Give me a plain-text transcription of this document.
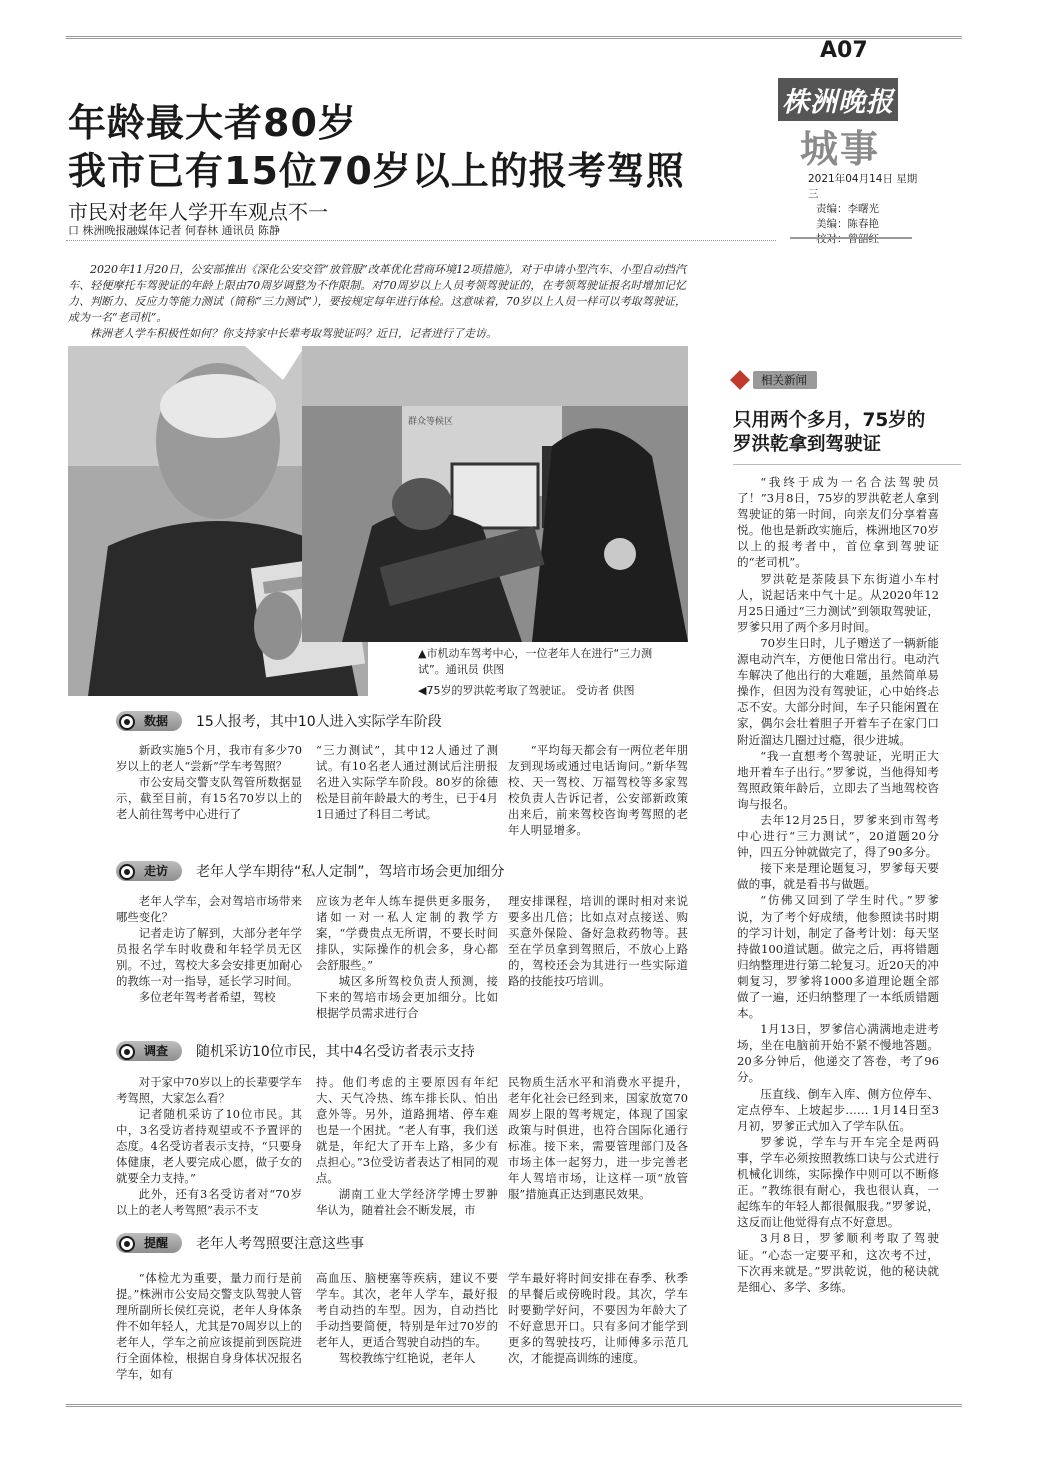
A07
株洲晚报
城事
2021年04月14日 星期三
责编：李曙光
美编：陈春艳
校对：曾韶红
年龄最大者80岁
我市已有15位70岁以上的报考驾照
市民对老年人学开车观点不一
口 株洲晚报融媒体记者 何春林 通讯员 陈静

2020年11月20日，公安部推出《深化公安交管“放管服”改革优化营商环境12项措施》，对于申请小型汽车、小型自动挡汽车、轻便摩托车驾驶证的年龄上限由70周岁调整为不作限制。对70周岁以上人员考领驾驶证的，在考领驾驶证报名时增加记忆力、判断力、反应力等能力测试（简称“三力测试”），要按规定每年进行体检。这意味着，70岁以上人员一样可以考取驾驶证，成为一名“老司机”。

株洲老人学车积极性如何？你支持家中长辈考取驾驶证吗？近日，记者进行了走访。

群众等候区
▲市机动车驾考中心，一位老年人在进行“三力测试”。通讯员 供图
◀75岁的罗洪乾考取了驾驶证。 受访者 供图
数据	15人报考，其中10人进入实际学车阶段

新政实施5个月，我市有多少70岁以上的老人“尝新”学车考驾照？

市公安局交警支队驾管所数据显示，截至目前，有15名70岁以上的老人前往驾考中心进行了

“三力测试”，其中12人通过了测试。有10名老人通过测试后注册报名进入实际学车阶段。80岁的徐德松是目前年龄最大的考生，已于4月1日通过了科目二考试。

“平均每天都会有一两位老年朋友到现场或通过电话询问。”新华驾校、天一驾校、万福驾校等多家驾校负责人告诉记者，公安部新政策出来后，前来驾校咨询考驾照的老年人明显增多。

走访	老年人学车期待“私人定制”，驾培市场会更加细分

老年人学车，会对驾培市场带来哪些变化？

记者走访了解到，大部分老年学员报名学车时收费和年轻学员无区别。不过，驾校大多会安排更加耐心的教练一对一指导，延长学习时间。

多位老年驾考者希望，驾校

应该为老年人练车提供更多服务，诸如一对一私人定制的教学方案，“学费贵点无所谓，不要长时间排队，实际操作的机会多，身心都会舒服些。”

城区多所驾校负责人预测，接下来的驾培市场会更加细分。比如根据学员需求进行合

理安排课程，培训的课时相对来说要多出几倍；比如点对点接送、购买意外保险、备好急救药物等。甚至在学员拿到驾照后，不放心上路的，驾校还会为其进行一些实际道路的技能技巧培训。

调查	随机采访10位市民，其中4名受访者表示支持

对于家中70岁以上的长辈要学车考驾照，大家怎么看？

记者随机采访了10位市民。其中，3名受访者持观望或不予置评的态度。4名受访者表示支持，“只要身体健康，老人要完成心愿，做子女的就要全力支持。”

此外，还有3名受访者对“70岁以上的老人考驾照”表示不支

持。他们考虑的主要原因有年纪大、天气冷热、练车排长队、怕出意外等。另外，道路拥堵、停车难也是一个困扰。“老人有事，我们送就是，年纪大了开车上路，多少有点担心。”3位受访者表达了相同的观点。

湖南工业大学经济学博士罗翀华认为，随着社会不断发展，市

民物质生活水平和消费水平提升，老年化社会已经到来，国家放宽70周岁上限的驾考规定，体现了国家政策与时俱进，也符合国际化通行标准。接下来，需要管理部门及各市场主体一起努力，进一步完善老年人驾培市场，让这样一项“放管服”措施真正达到惠民效果。

提醒	老年人考驾照要注意这些事

“体检尤为重要，量力而行是前提。”株洲市公安局交警支队驾驶人管理所副所长侯红亮说，老年人身体条件不如年轻人，尤其是70周岁以上的老年人，学车之前应该提前到医院进行全面体检，根据自身身体状况报名学车，如有

高血压、脑梗塞等疾病，建议不要学车。其次，老年人学车，最好报考自动挡的车型。因为，自动挡比手动挡要简便，特别是年过70岁的老年人，更适合驾驶自动挡的车。

驾校教练宁红艳说，老年人

学车最好将时间安排在春季、秋季的早餐后或傍晚时段。其次，学车时要勤学好问，不要因为年龄大了不好意思开口。只有多问才能学到更多的驾驶技巧，让师傅多示范几次，才能提高训练的速度。

相关新闻
只用两个多月，75岁的
罗洪乾拿到驾驶证

“我终于成为一名合法驾驶员了！”3月8日，75岁的罗洪乾老人拿到驾驶证的第一时间，向亲友们分享着喜悦。他也是新政实施后，株洲地区70岁以上的报考者中，首位拿到驾驶证的“老司机”。

罗洪乾是荼陵县下东街道小车村人，说起话来中气十足。从2020年12月25日通过“三力测试”到领取驾驶证，罗爹只用了两个多月时间。

70岁生日时，儿子赠送了一辆新能源电动汽车，方便他日常出行。电动汽车解决了他出行的大难题，虽然简单易操作，但因为没有驾驶证，心中始终忐忑不安。大部分时间，车子只能闲置在家，偶尔会壮着胆子开着车子在家门口附近溜达几圈过过瘾，很少进城。

“我一直想考个驾驶证，光明正大地开着车子出行。”罗爹说，当他得知考驾照政策年龄后，立即去了当地驾校咨询与报名。

去年12月25日，罗爹来到市驾考中心进行“三力测试”，20道题20分钟，四五分钟就做完了，得了90多分。

接下来是理论题复习，罗爹每天要做的事，就是看书与做题。

“仿佛又回到了学生时代。”罗爹说，为了考个好成绩，他参照读书时期的学习计划，制定了备考计划：每天坚持做100道试题。做完之后，再将错题归纳整理进行第二轮复习。近20天的冲刺复习，罗爹将1000多道理论题全部做了一遍，还归纳整理了一本纸质错题本。

1月13日，罗爹信心满满地走进考场，坐在电脑前开始不紧不慢地答题。20多分钟后，他递交了答卷，考了96分。

压直线、倒车入库、侧方位停车、定点停车、上坡起步…… 1月14日至3月初，罗爹正式加入了学车队伍。

罗爹说，学车与开车完全是两码事，学车必须按照教练口诀与公式进行机械化训练，实际操作中则可以不断修正。“教练很有耐心，我也很认真，一起练车的年轻人都很佩服我。”罗爹说，这反而让他觉得有点不好意思。

3月8日，罗爹顺利考取了驾驶证。“心态一定要平和，这次考不过，下次再来就是。”罗洪乾说，他的秘诀就是细心、多学、多练。
